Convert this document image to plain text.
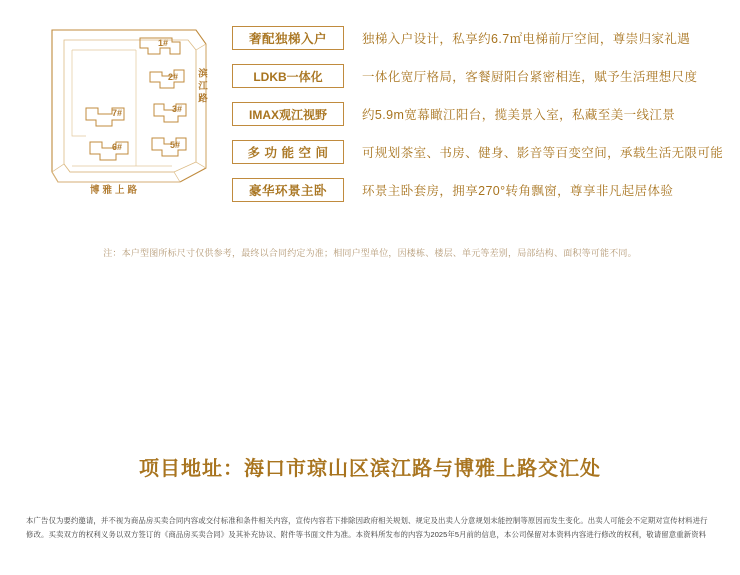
1#
2#
3#
5#
6#
7#
滨江路
博雅上路
奢配独梯入户	独梯入户设计，私享约6.7㎡电梯前厅空间，尊崇归家礼遇
LDKB一体化	一体化宽厅格局，客餐厨阳台紧密相连，赋予生活理想尺度
IMAX观江视野	约5.9m宽幕瞰江阳台，揽美景入室，私藏至美一线江景
多 功 能 空 间	可规划茶室、书房、健身、影音等百变空间，承载生活无限可能
豪华环景主卧	环景主卧套房，拥享270°转角飘窗，尊享非凡起居体验
注：本户型图所标尺寸仅供参考，最终以合同约定为准；相同户型单位，因楼栋、楼层、单元等差别，局部结构、面积等可能不同。
项目地址：海口市琼山区滨江路与博雅上路交汇处

本广告仅为要约邀请，并不视为商品房买卖合同内容或交付标准和条件相关内容，宣传内容若下排除因政府相关规划、规定及出卖人分意规划未能控制等原因而发生变化。出卖人可能会不定期对宣传材料进行

修改。买卖双方的权利义务以双方签订的《商品房买卖合同》及其补充协议、附件等书面文件为准。本资料所发布的内容为2025年5月前的信息，本公司保留对本资料内容进行修改的权利，敬请留意重新资料
